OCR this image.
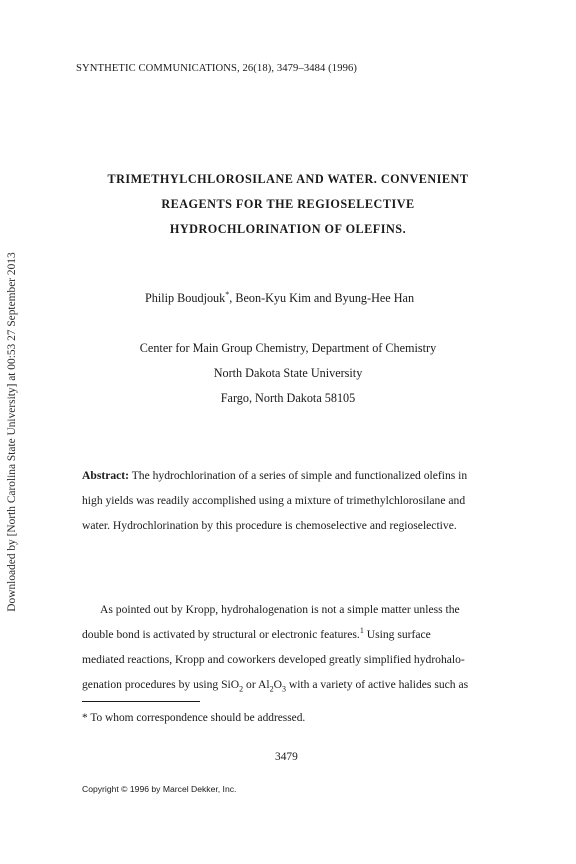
SYNTHETIC COMMUNICATIONS, 26(18), 3479–3484 (1996)
Downloaded by [North Carolina State University] at 00:53 27 September 2013
TRIMETHYLCHLOROSILANE AND WATER. CONVENIENT
REAGENTS FOR THE REGIOSELECTIVE
HYDROCHLORINATION OF OLEFINS.
Philip Boudjouk*, Beon-Kyu Kim and Byung-Hee Han
Center for Main Group Chemistry, Department of Chemistry
North Dakota State University
Fargo, North Dakota 58105
Abstract: The hydrochlorination of a series of simple and functionalized olefins in
high yields was readily accomplished using a mixture of trimethylchlorosilane and
water. Hydrochlorination by this procedure is chemoselective and regioselective.
As pointed out by Kropp, hydrohalogenation is not a simple matter unless the
double bond is activated by structural or electronic features.$^1$ Using surface
mediated reactions, Kropp and coworkers developed greatly simplified hydrohalo-
genation procedures by using SiO$_2$ or $Al_2O_3$ with a variety of active halides such as
* To whom correspondence should be addressed.
3479
Copyright © 1996 by Marcel Dekker, Inc.
